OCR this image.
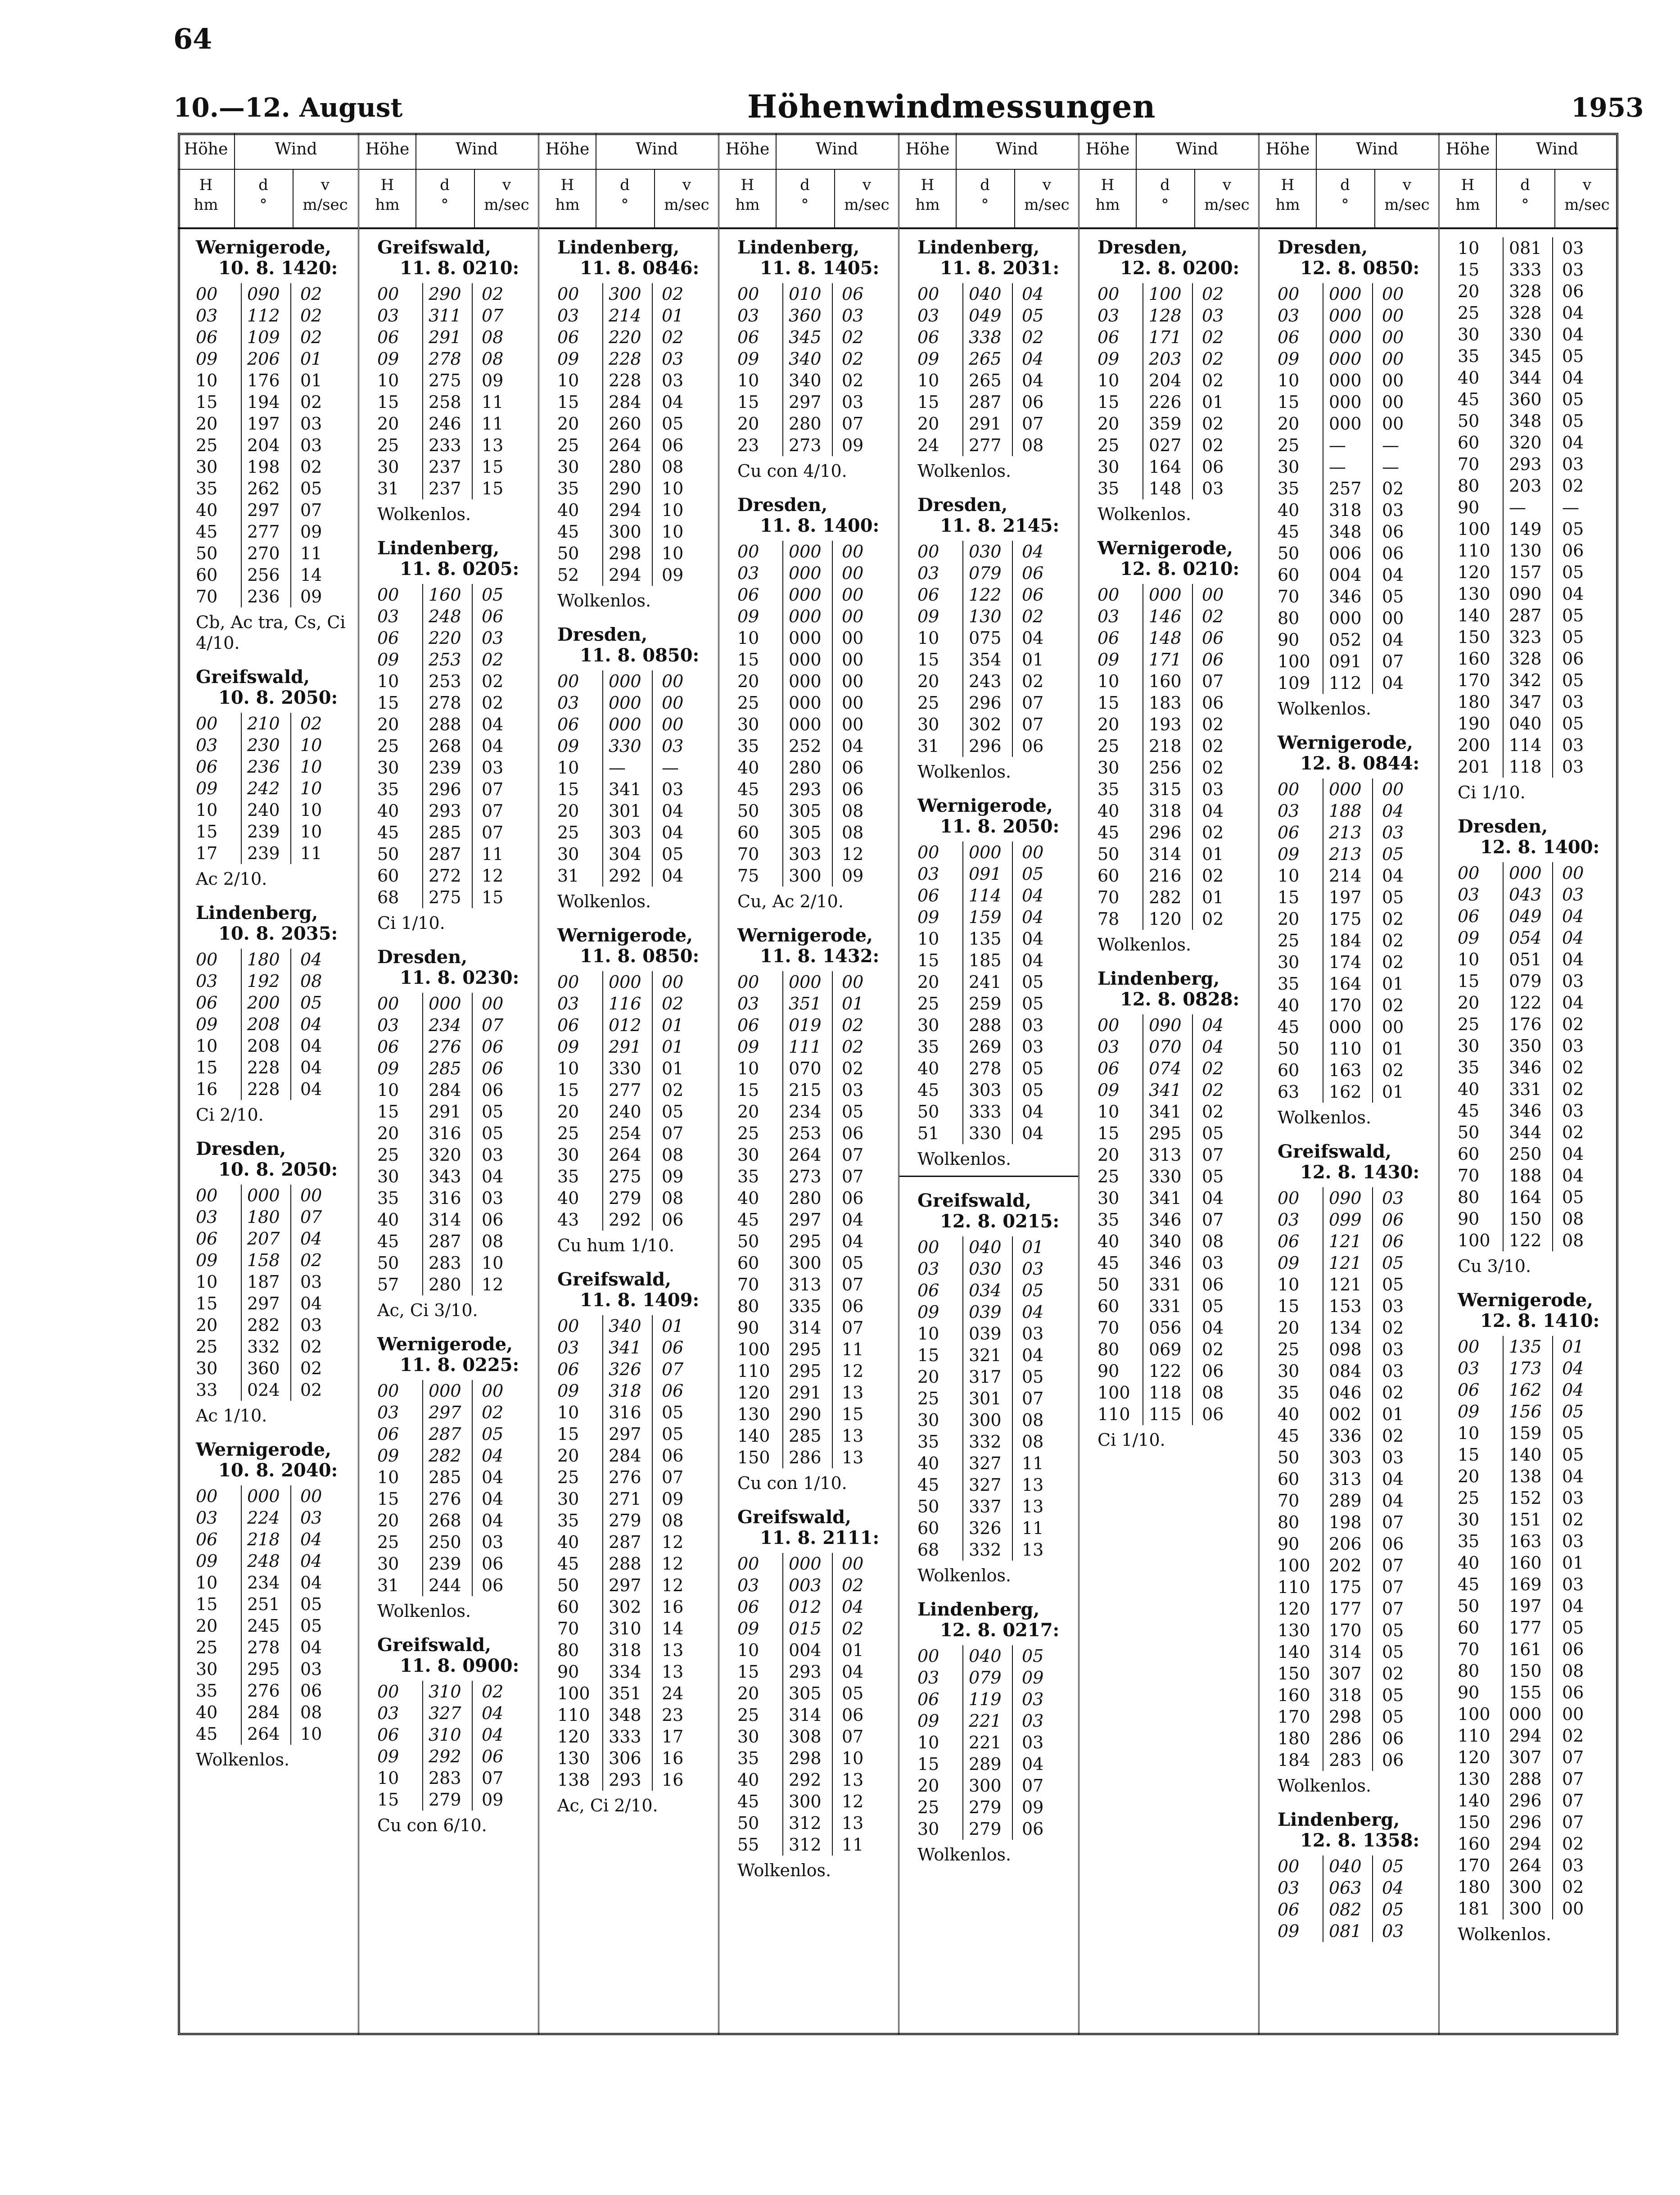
64
10.—12. August	Höhenwindmessungen	1953
Höhe	Wind
H
hm
d
°
v
m/sec
Wernigerode,
10. 8. 1420:
00	090	02
03	112	02
06	109	02
09	206	01
10	176	01
15	194	02
20	197	03
25	204	03
30	198	02
35	262	05
40	297	07
45	277	09
50	270	11
60	256	14
70	236	09
Cb, Ac tra, Cs, Ci 4/10.
Greifswald,
10. 8. 2050:
00	210	02
03	230	10
06	236	10
09	242	10
10	240	10
15	239	10
17	239	11
Ac 2/10.
Lindenberg,
10. 8. 2035:
00	180	04
03	192	08
06	200	05
09	208	04
10	208	04
15	228	04
16	228	04
Ci 2/10.
Dresden,
10. 8. 2050:
00	000	00
03	180	07
06	207	04
09	158	02
10	187	03
15	297	04
20	282	03
25	332	02
30	360	02
33	024	02
Ac 1/10.
Wernigerode,
10. 8. 2040:
00	000	00
03	224	03
06	218	04
09	248	04
10	234	04
15	251	05
20	245	05
25	278	04
30	295	03
35	276	06
40	284	08
45	264	10
Wolkenlos.
Höhe	Wind
H
hm
d
°
v
m/sec
Greifswald,
11. 8. 0210:
00	290	02
03	311	07
06	291	08
09	278	08
10	275	09
15	258	11
20	246	11
25	233	13
30	237	15
31	237	15
Wolkenlos.
Lindenberg,
11. 8. 0205:
00	160	05
03	248	06
06	220	03
09	253	02
10	253	02
15	278	02
20	288	04
25	268	04
30	239	03
35	296	07
40	293	07
45	285	07
50	287	11
60	272	12
68	275	15
Ci 1/10.
Dresden,
11. 8. 0230:
00	000	00
03	234	07
06	276	06
09	285	06
10	284	06
15	291	05
20	316	05
25	320	03
30	343	04
35	316	03
40	314	06
45	287	08
50	283	10
57	280	12
Ac, Ci 3/10.
Wernigerode,
11. 8. 0225:
00	000	00
03	297	02
06	287	05
09	282	04
10	285	04
15	276	04
20	268	04
25	250	03
30	239	06
31	244	06
Wolkenlos.
Greifswald,
11. 8. 0900:
00	310	02
03	327	04
06	310	04
09	292	06
10	283	07
15	279	09
Cu con 6/10.
Höhe	Wind
H
hm
d
°
v
m/sec
Lindenberg,
11. 8. 0846:
00	300	02
03	214	01
06	220	02
09	228	03
10	228	03
15	284	04
20	260	05
25	264	06
30	280	08
35	290	10
40	294	10
45	300	10
50	298	10
52	294	09
Wolkenlos.
Dresden,
11. 8. 0850:
00	000	00
03	000	00
06	000	00
09	330	03
10	—	—
15	341	03
20	301	04
25	303	04
30	304	05
31	292	04
Wolkenlos.
Wernigerode,
11. 8. 0850:
00	000	00
03	116	02
06	012	01
09	291	01
10	330	01
15	277	02
20	240	05
25	254	07
30	264	08
35	275	09
40	279	08
43	292	06
Cu hum 1/10.
Greifswald,
11. 8. 1409:
00	340	01
03	341	06
06	326	07
09	318	06
10	316	05
15	297	05
20	284	06
25	276	07
30	271	09
35	279	08
40	287	12
45	288	12
50	297	12
60	302	16
70	310	14
80	318	13
90	334	13
100	351	24
110	348	23
120	333	17
130	306	16
138	293	16
Ac, Ci 2/10.
Höhe	Wind
H
hm
d
°
v
m/sec
Lindenberg,
11. 8. 1405:
00	010	06
03	360	03
06	345	02
09	340	02
10	340	02
15	297	03
20	280	07
23	273	09
Cu con 4/10.
Dresden,
11. 8. 1400:
00	000	00
03	000	00
06	000	00
09	000	00
10	000	00
15	000	00
20	000	00
25	000	00
30	000	00
35	252	04
40	280	06
45	293	06
50	305	08
60	305	08
70	303	12
75	300	09
Cu, Ac 2/10.
Wernigerode,
11. 8. 1432:
00	000	00
03	351	01
06	019	02
09	111	02
10	070	02
15	215	03
20	234	05
25	253	06
30	264	07
35	273	07
40	280	06
45	297	04
50	295	04
60	300	05
70	313	07
80	335	06
90	314	07
100	295	11
110	295	12
120	291	13
130	290	15
140	285	13
150	286	13
Cu con 1/10.
Greifswald,
11. 8. 2111:
00	000	00
03	003	02
06	012	04
09	015	02
10	004	01
15	293	04
20	305	05
25	314	06
30	308	07
35	298	10
40	292	13
45	300	12
50	312	13
55	312	11
Wolkenlos.
Höhe	Wind
H
hm
d
°
v
m/sec
Lindenberg,
11. 8. 2031:
00	040	04
03	049	05
06	338	02
09	265	04
10	265	04
15	287	06
20	291	07
24	277	08
Wolkenlos.
Dresden,
11. 8. 2145:
00	030	04
03	079	06
06	122	06
09	130	02
10	075	04
15	354	01
20	243	02
25	296	07
30	302	07
31	296	06
Wolkenlos.
Wernigerode,
11. 8. 2050:
00	000	00
03	091	05
06	114	04
09	159	04
10	135	04
15	185	04
20	241	05
25	259	05
30	288	03
35	269	03
40	278	05
45	303	05
50	333	04
51	330	04
Wolkenlos.
Greifswald,
12. 8. 0215:
00	040	01
03	030	03
06	034	05
09	039	04
10	039	03
15	321	04
20	317	05
25	301	07
30	300	08
35	332	08
40	327	11
45	327	13
50	337	13
60	326	11
68	332	13
Wolkenlos.
Lindenberg,
12. 8. 0217:
00	040	05
03	079	09
06	119	03
09	221	03
10	221	03
15	289	04
20	300	07
25	279	09
30	279	06
Wolkenlos.
Höhe	Wind
H
hm
d
°
v
m/sec
Dresden,
12. 8. 0200:
00	100	02
03	128	03
06	171	02
09	203	02
10	204	02
15	226	01
20	359	02
25	027	02
30	164	06
35	148	03
Wolkenlos.
Wernigerode,
12. 8. 0210:
00	000	00
03	146	02
06	148	06
09	171	06
10	160	07
15	183	06
20	193	02
25	218	02
30	256	02
35	315	03
40	318	04
45	296	02
50	314	01
60	216	02
70	282	01
78	120	02
Wolkenlos.
Lindenberg,
12. 8. 0828:
00	090	04
03	070	04
06	074	02
09	341	02
10	341	02
15	295	05
20	313	07
25	330	05
30	341	04
35	346	07
40	340	08
45	346	03
50	331	06
60	331	05
70	056	04
80	069	02
90	122	06
100	118	08
110	115	06
Ci 1/10.
Höhe	Wind
H
hm
d
°
v
m/sec
Dresden,
12. 8. 0850:
00	000	00
03	000	00
06	000	00
09	000	00
10	000	00
15	000	00
20	000	00
25	—	—
30	—	—
35	257	02
40	318	03
45	348	06
50	006	06
60	004	04
70	346	05
80	000	00
90	052	04
100	091	07
109	112	04
Wolkenlos.
Wernigerode,
12. 8. 0844:
00	000	00
03	188	04
06	213	03
09	213	05
10	214	04
15	197	05
20	175	02
25	184	02
30	174	02
35	164	01
40	170	02
45	000	00
50	110	01
60	163	02
63	162	01
Wolkenlos.
Greifswald,
12. 8. 1430:
00	090	03
03	099	06
06	121	06
09	121	05
10	121	05
15	153	03
20	134	02
25	098	03
30	084	03
35	046	02
40	002	01
45	336	02
50	303	03
60	313	04
70	289	04
80	198	07
90	206	06
100	202	07
110	175	07
120	177	07
130	170	05
140	314	05
150	307	02
160	318	05
170	298	05
180	286	06
184	283	06
Wolkenlos.
Lindenberg,
12. 8. 1358:
00	040	05
03	063	04
06	082	05
09	081	03
Höhe	Wind
H
hm
d
°
v
m/sec
10	081	03
15	333	03
20	328	06
25	328	04
30	330	04
35	345	05
40	344	04
45	360	05
50	348	05
60	320	04
70	293	03
80	203	02
90	—	—
100	149	05
110	130	06
120	157	05
130	090	04
140	287	05
150	323	05
160	328	06
170	342	05
180	347	03
190	040	05
200	114	03
201	118	03
Ci 1/10.
Dresden,
12. 8. 1400:
00	000	00
03	043	03
06	049	04
09	054	04
10	051	04
15	079	03
20	122	04
25	176	02
30	350	03
35	346	02
40	331	02
45	346	03
50	344	02
60	250	04
70	188	04
80	164	05
90	150	08
100	122	08
Cu 3/10.
Wernigerode,
12. 8. 1410:
00	135	01
03	173	04
06	162	04
09	156	05
10	159	05
15	140	05
20	138	04
25	152	03
30	151	02
35	163	03
40	160	01
45	169	03
50	197	04
60	177	05
70	161	06
80	150	08
90	155	06
100	000	00
110	294	02
120	307	07
130	288	07
140	296	07
150	296	07
160	294	02
170	264	03
180	300	02
181	300	00
Wolkenlos.
